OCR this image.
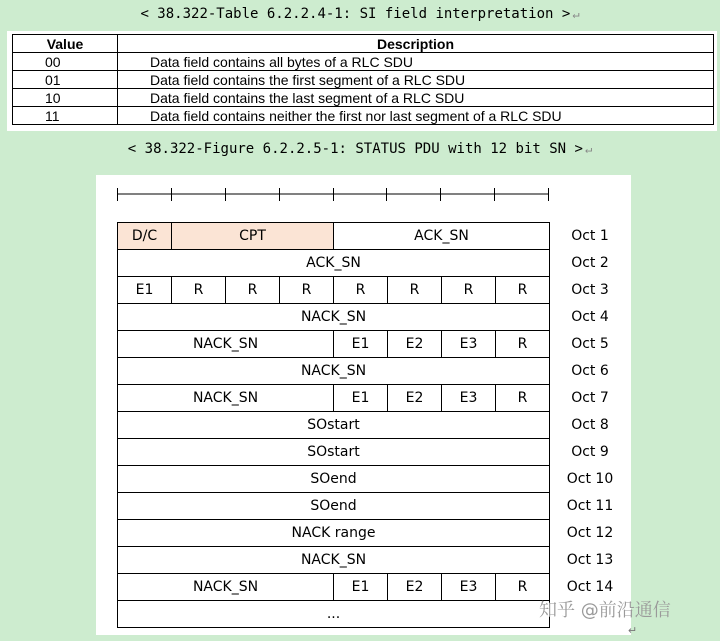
< 38.322-Table 6.2.2.4-1: SI field interpretation > ↵
Value	Description
00	Data field contains all bytes of a RLC SDU
01	Data field contains the first segment of a RLC SDU
10	Data field contains the last segment of a RLC SDU
11	Data field contains neither the first nor last segment of a RLC SDU
< 38.322-Figure 6.2.2.5-1: STATUS PDU with 12 bit SN > ↵
D/C	CPT	ACK_SN	Oct 1
ACK_SN	Oct 2
E1	R	R	R	R	R	R	R	Oct 3
NACK_SN	Oct 4
NACK_SN	E1	E2	E3	R	Oct 5
NACK_SN	Oct 6
NACK_SN	E1	E2	E3	R	Oct 7
SOstart	Oct 8
SOstart	Oct 9
SOend	Oct 10
SOend	Oct 11
NACK range	Oct 12
NACK_SN	Oct 13
NACK_SN	E1	E2	E3	R	Oct 14
...	知乎 @前沿通信
↵
